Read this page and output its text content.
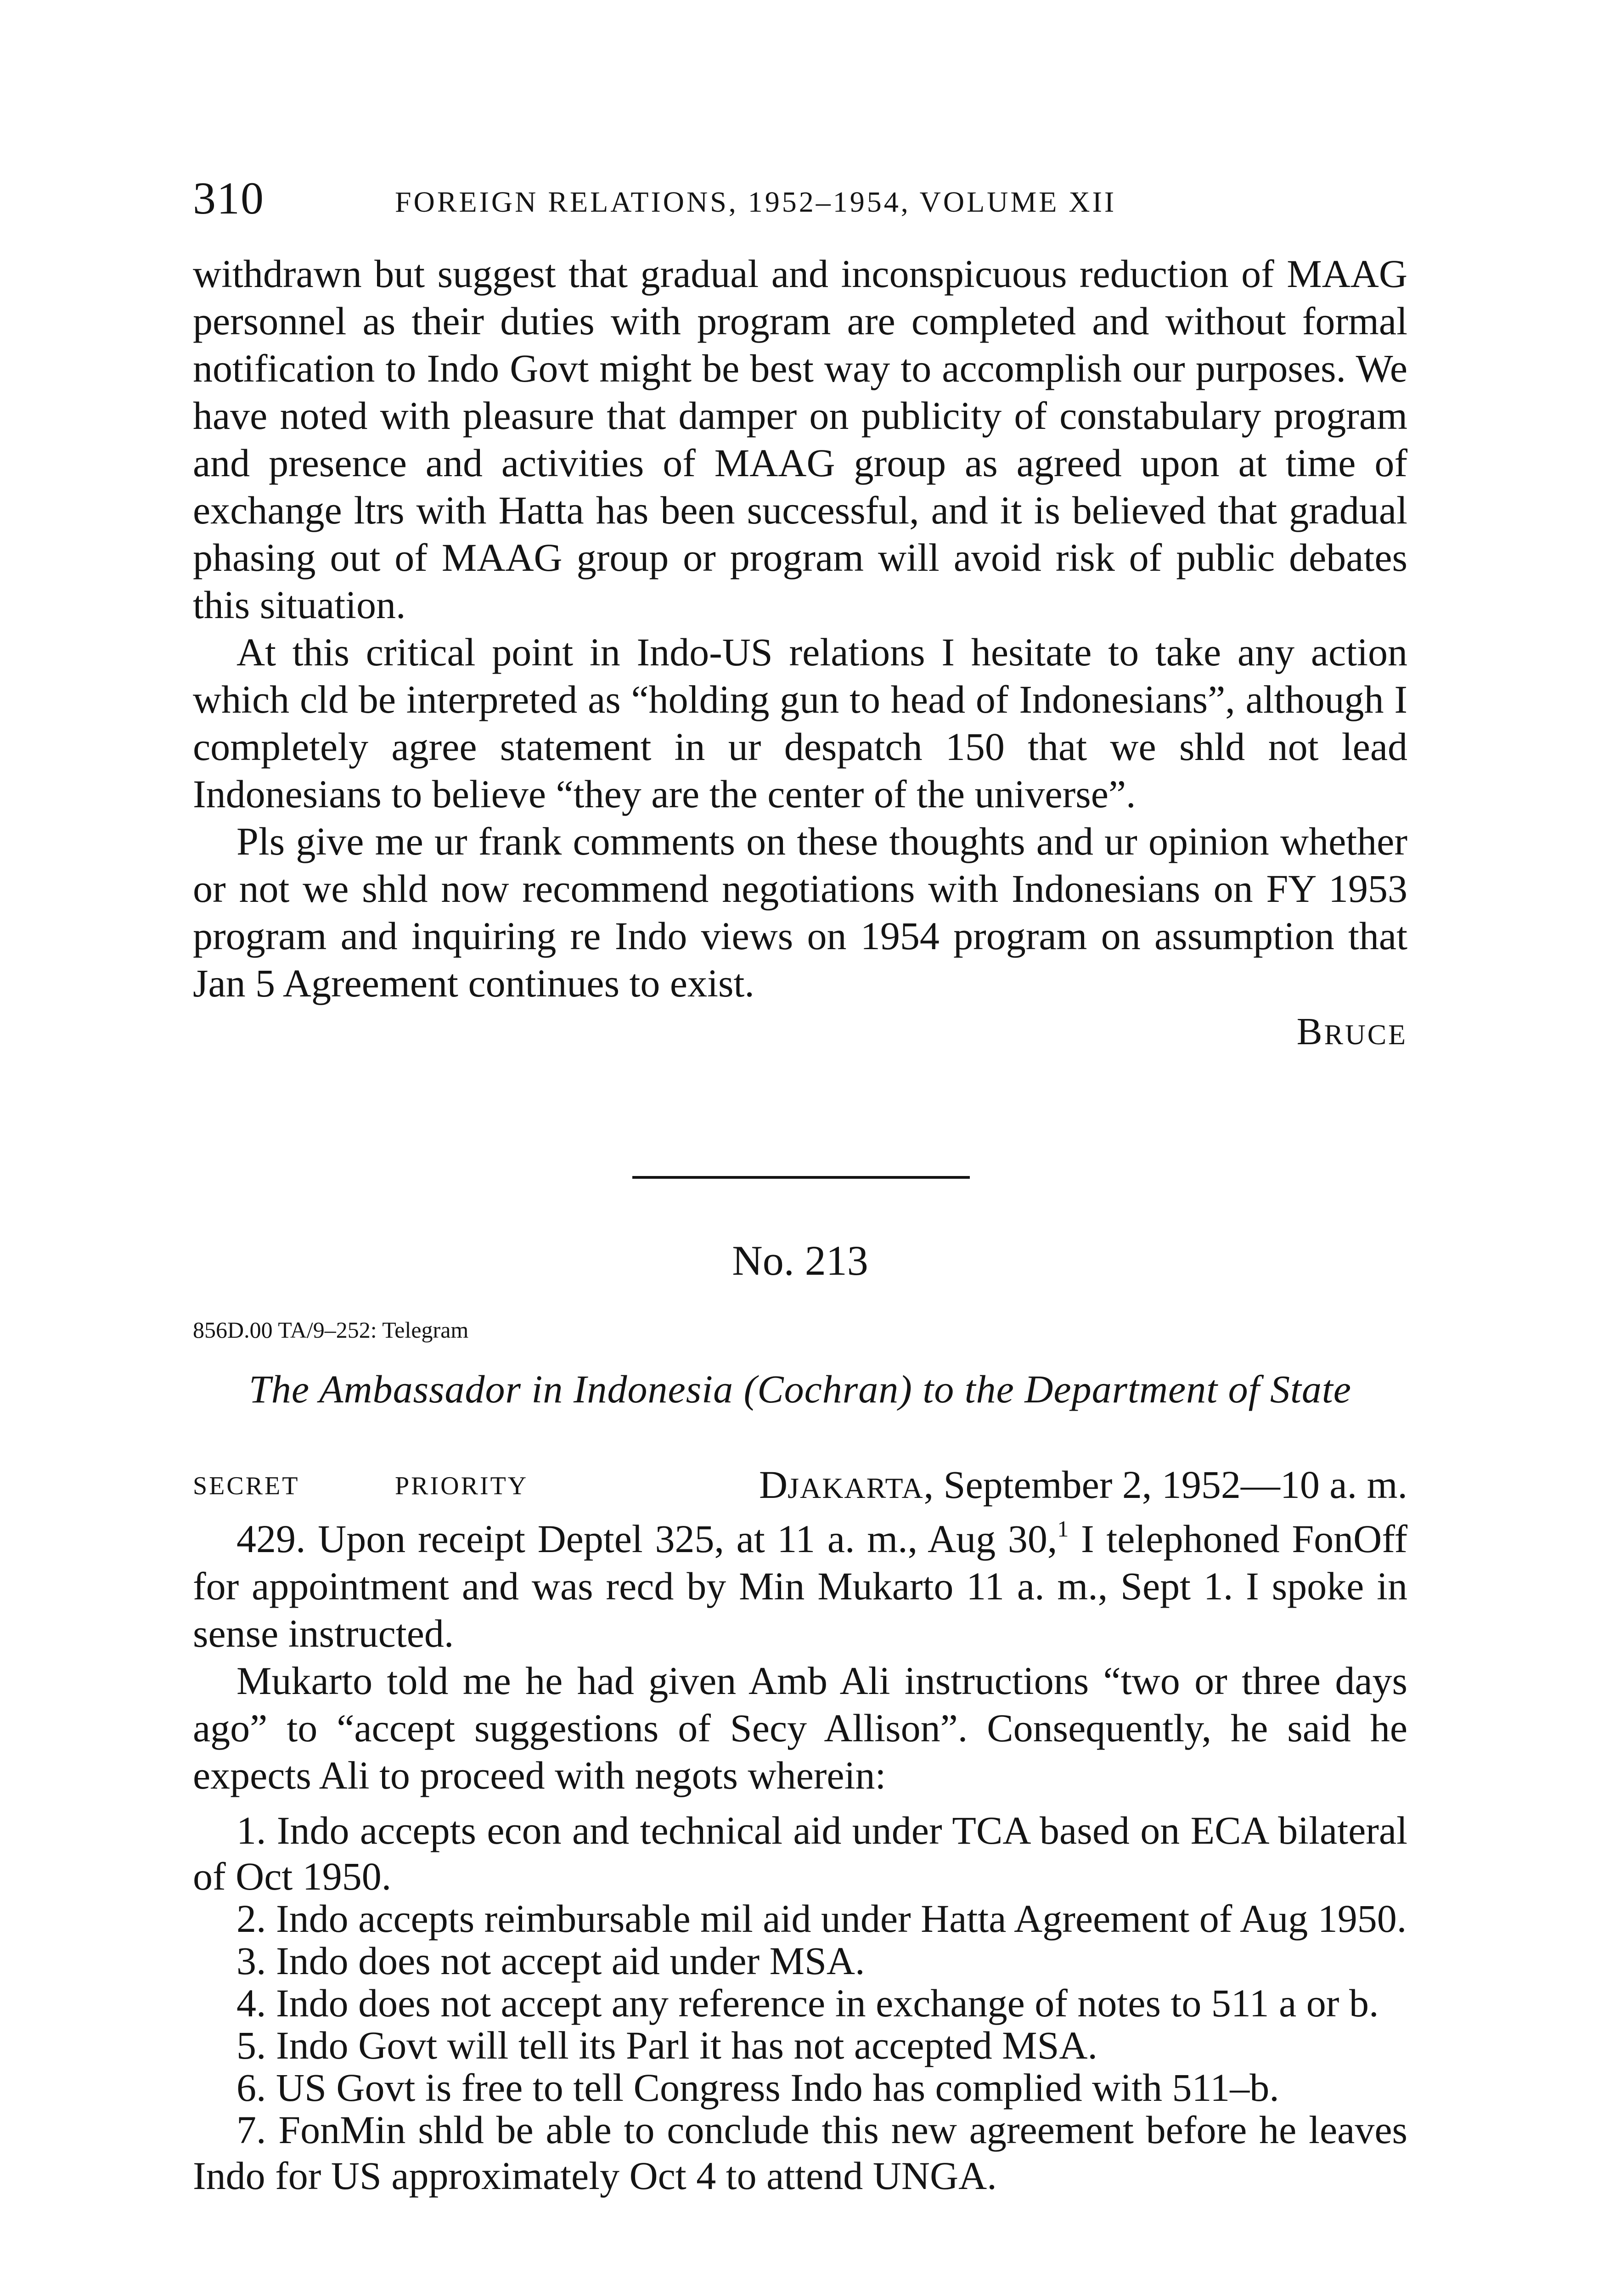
310	FOREIGN RELATIONS, 1952–1954, VOLUME XII

withdrawn but suggest that gradual and inconspicuous reduction of MAAG personnel as their duties with program are completed and without formal notification to Indo Govt might be best way to accomplish our purposes. We have noted with pleasure that damper on publicity of constabulary program and presence and activities of MAAG group as agreed upon at time of exchange ltrs with Hatta has been successful, and it is believed that gradual phasing out of MAAG group or program will avoid risk of public debates this situation.

At this critical point in Indo-US relations I hesitate to take any action which cld be interpreted as “holding gun to head of Indonesians”, although I completely agree statement in ur despatch 150 that we shld not lead Indonesians to believe “they are the center of the universe”.

Pls give me ur frank comments on these thoughts and ur opinion whether or not we shld now recommend negotiations with Indonesians on FY 1953 program and inquiring re Indo views on 1954 program on assumption that Jan 5 Agreement continues to exist.

BRUCE
No. 213
856D.00 TA/9–252: Telegram
The Ambassador in Indonesia (Cochran) to the Department of State
SECRET	PRIORITY	DJAKARTA, September 2, 1952—10 a. m.

429. Upon receipt Deptel 325, at 11 a. m., Aug 30,$^1$ I telephoned FonOff for appointment and was recd by Min Mukarto 11 a. m., Sept 1. I spoke in sense instructed.

Mukarto told me he had given Amb Ali instructions “two or three days ago” to “accept suggestions of Secy Allison”. Consequently, he said he expects Ali to proceed with negots wherein:

1. Indo accepts econ and technical aid under TCA based on ECA bilateral of Oct 1950.

2. Indo accepts reimbursable mil aid under Hatta Agreement of Aug 1950.

3. Indo does not accept aid under MSA.

4. Indo does not accept any reference in exchange of notes to 511 a or b.

5. Indo Govt will tell its Parl it has not accepted MSA.

6. US Govt is free to tell Congress Indo has complied with 511–b.

7. FonMin shld be able to conclude this new agreement before he leaves Indo for US approximately Oct 4 to attend UNGA.
